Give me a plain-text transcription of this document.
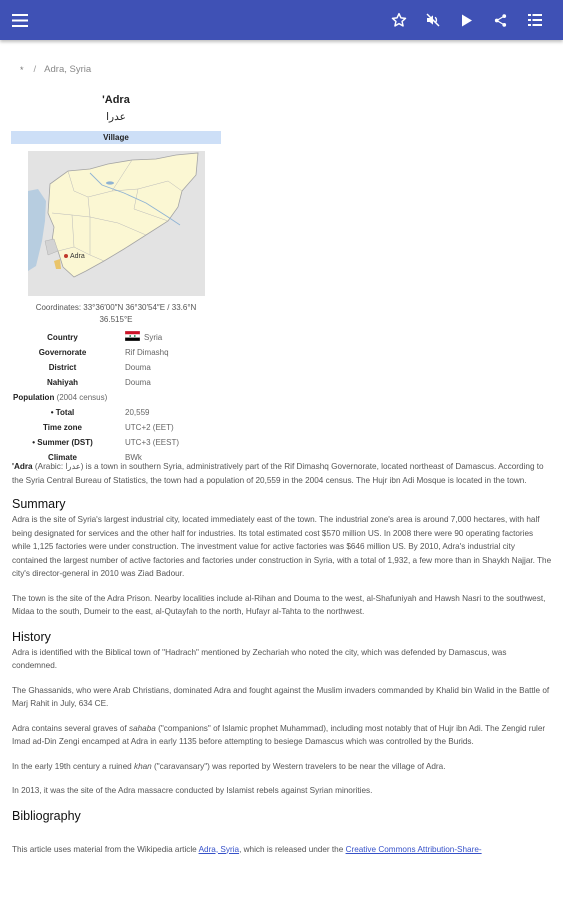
* / Adra, Syria
'Adra
عدرا
Village
Adra
Coordinates: 33°36′00″N 36°30′54″E / 33.6°N 36.515°E
Country	Syria
Governorate	Rif Dimashq
District	Douma
Nahiyah	Douma
Population (2004 census)
• Total	20,559
Time zone	UTC+2 (EET)
• Summer (DST)	UTC+3 (EEST)
Climate	BWk

'Adra (Arabic: عدرا) is a town in southern Syria, administratively part of the Rif Dimashq Governorate, located northeast of Damascus. According to the Syria Central Bureau of Statistics, the town had a population of 20,559 in the 2004 census. The Hujr ibn Adi Mosque is located in the town.

Summary

Adra is the site of Syria's largest industrial city, located immediately east of the town. The industrial zone's area is around 7,000 hectares, with half being designated for services and the other half for industries. Its total estimated cost $570 million US. In 2008 there were 90 operating factories while 1,125 factories were under construction. The investment value for active factories was $646 million US. By 2010, Adra's industrial city contained the largest number of active factories and factories under construction in Syria, with a total of 1,932, a few more than in Shaykh Najjar. The city's director-general in 2010 was Ziad Badour.

The town is the site of the Adra Prison. Nearby localities include al-Rihan and Douma to the west, al-Shafuniyah and Hawsh Nasri to the southwest, Midaa to the south, Dumeir to the east, al-Qutayfah to the north, Hufayr al-Tahta to the northwest.

History

Adra is identified with the Biblical town of "Hadrach" mentioned by Zechariah who noted the city, which was defended by Damascus, was condemned.

The Ghassanids, who were Arab Christians, dominated Adra and fought against the Muslim invaders commanded by Khalid bin Walid in the Battle of Marj Rahit in July, 634 CE.

Adra contains several graves of sahaba ("companions" of Islamic prophet Muhammad), including most notably that of Hujr ibn Adi. The Zengid ruler Imad ad-Din Zengi encamped at Adra in early 1135 before attempting to besiege Damascus which was controlled by the Burids.

In the early 19th century a ruined khan ("caravansary") was reported by Western travelers to be near the village of Adra.

In 2013, it was the site of the Adra massacre conducted by Islamist rebels against Syrian minorities.

Bibliography

This article uses material from the Wikipedia article Adra, Syria, which is released under the Creative Commons Attribution-Share-
